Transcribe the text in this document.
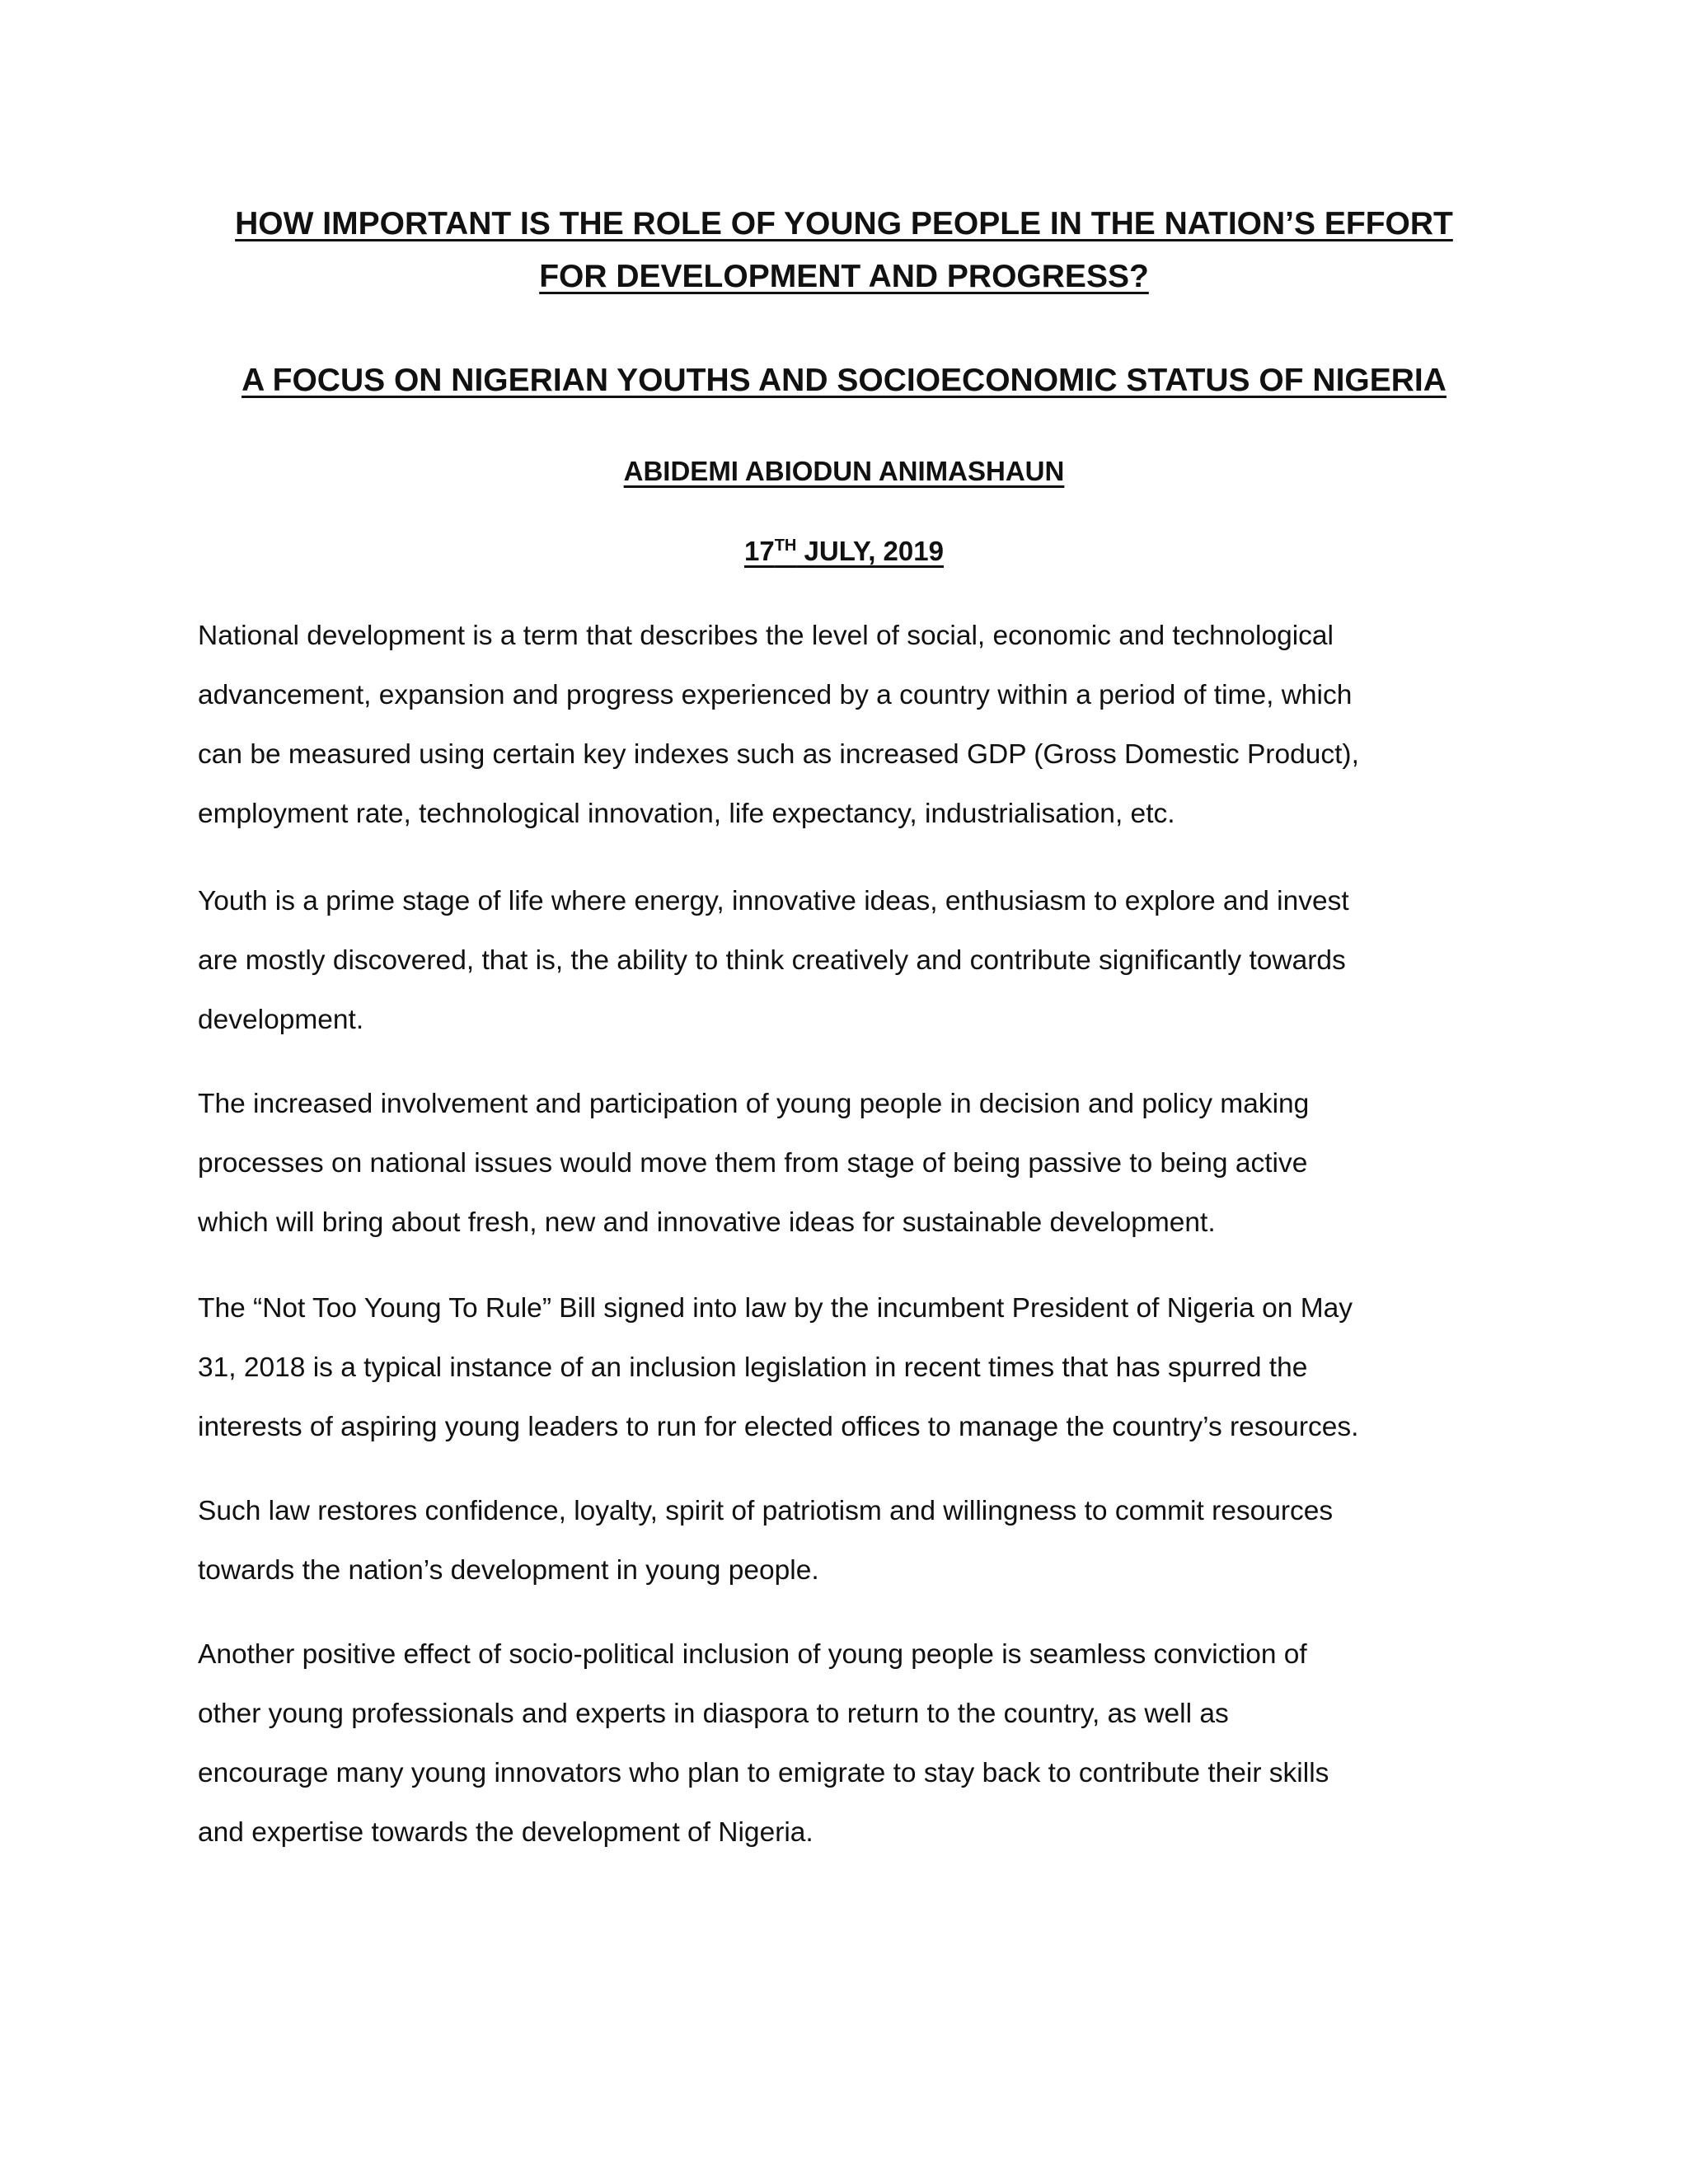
HOW IMPORTANT IS THE ROLE OF YOUNG PEOPLE IN THE NATION’S EFFORT
FOR DEVELOPMENT AND PROGRESS?
A FOCUS ON NIGERIAN YOUTHS AND SOCIOECONOMIC STATUS OF NIGERIA
ABIDEMI ABIODUN ANIMASHAUN
17TH JULY, 2019

National development is a term that describes the level of social, economic and technological
advancement, expansion and progress experienced by a country within a period of time, which
can be measured using certain key indexes such as increased GDP (Gross Domestic Product),
employment rate, technological innovation, life expectancy, industrialisation, etc.

Youth is a prime stage of life where energy, innovative ideas, enthusiasm to explore and invest
are mostly discovered, that is, the ability to think creatively and contribute significantly towards
development.

The increased involvement and participation of young people in decision and policy making
processes on national issues would move them from stage of being passive to being active
which will bring about fresh, new and innovative ideas for sustainable development.

The “Not Too Young To Rule” Bill signed into law by the incumbent President of Nigeria on May
31, 2018 is a typical instance of an inclusion legislation in recent times that has spurred the
interests of aspiring young leaders to run for elected offices to manage the country’s resources.

Such law restores confidence, loyalty, spirit of patriotism and willingness to commit resources
towards the nation’s development in young people.

Another positive effect of socio-political inclusion of young people is seamless conviction of
other young professionals and experts in diaspora to return to the country, as well as
encourage many young innovators who plan to emigrate to stay back to contribute their skills
and expertise towards the development of Nigeria.
